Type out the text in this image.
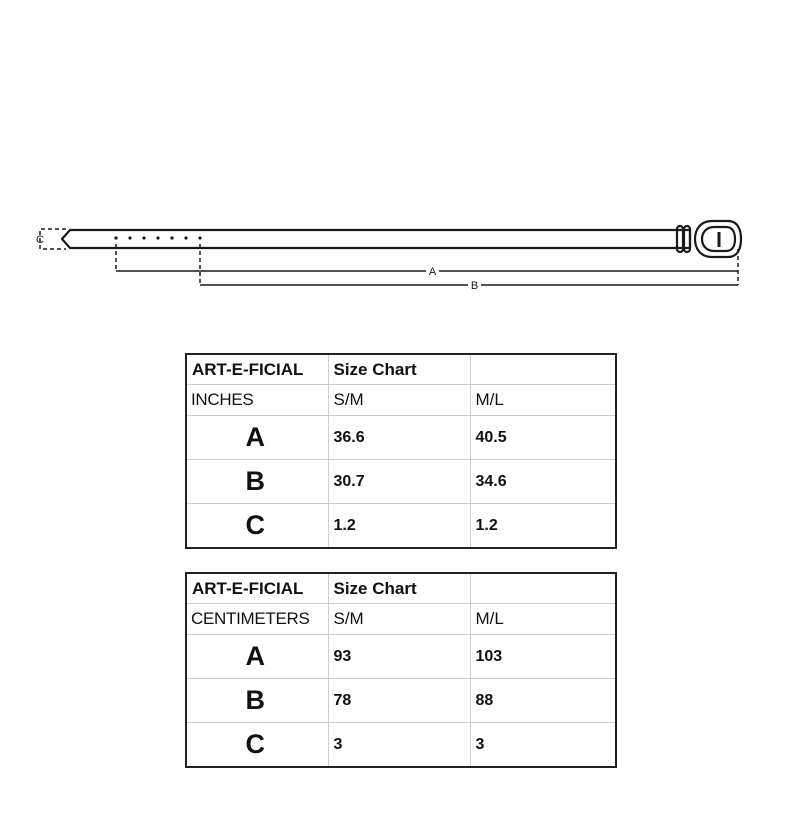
C
A
B
ART-E-FICIAL	Size Chart	
INCHES	S/M	M/L
A	36.6	40.5
B	30.7	34.6
C	1.2	1.2
ART-E-FICIAL	Size Chart	
CENTIMETERS	S/M	M/L
A	93	103
B	78	88
C	3	3
